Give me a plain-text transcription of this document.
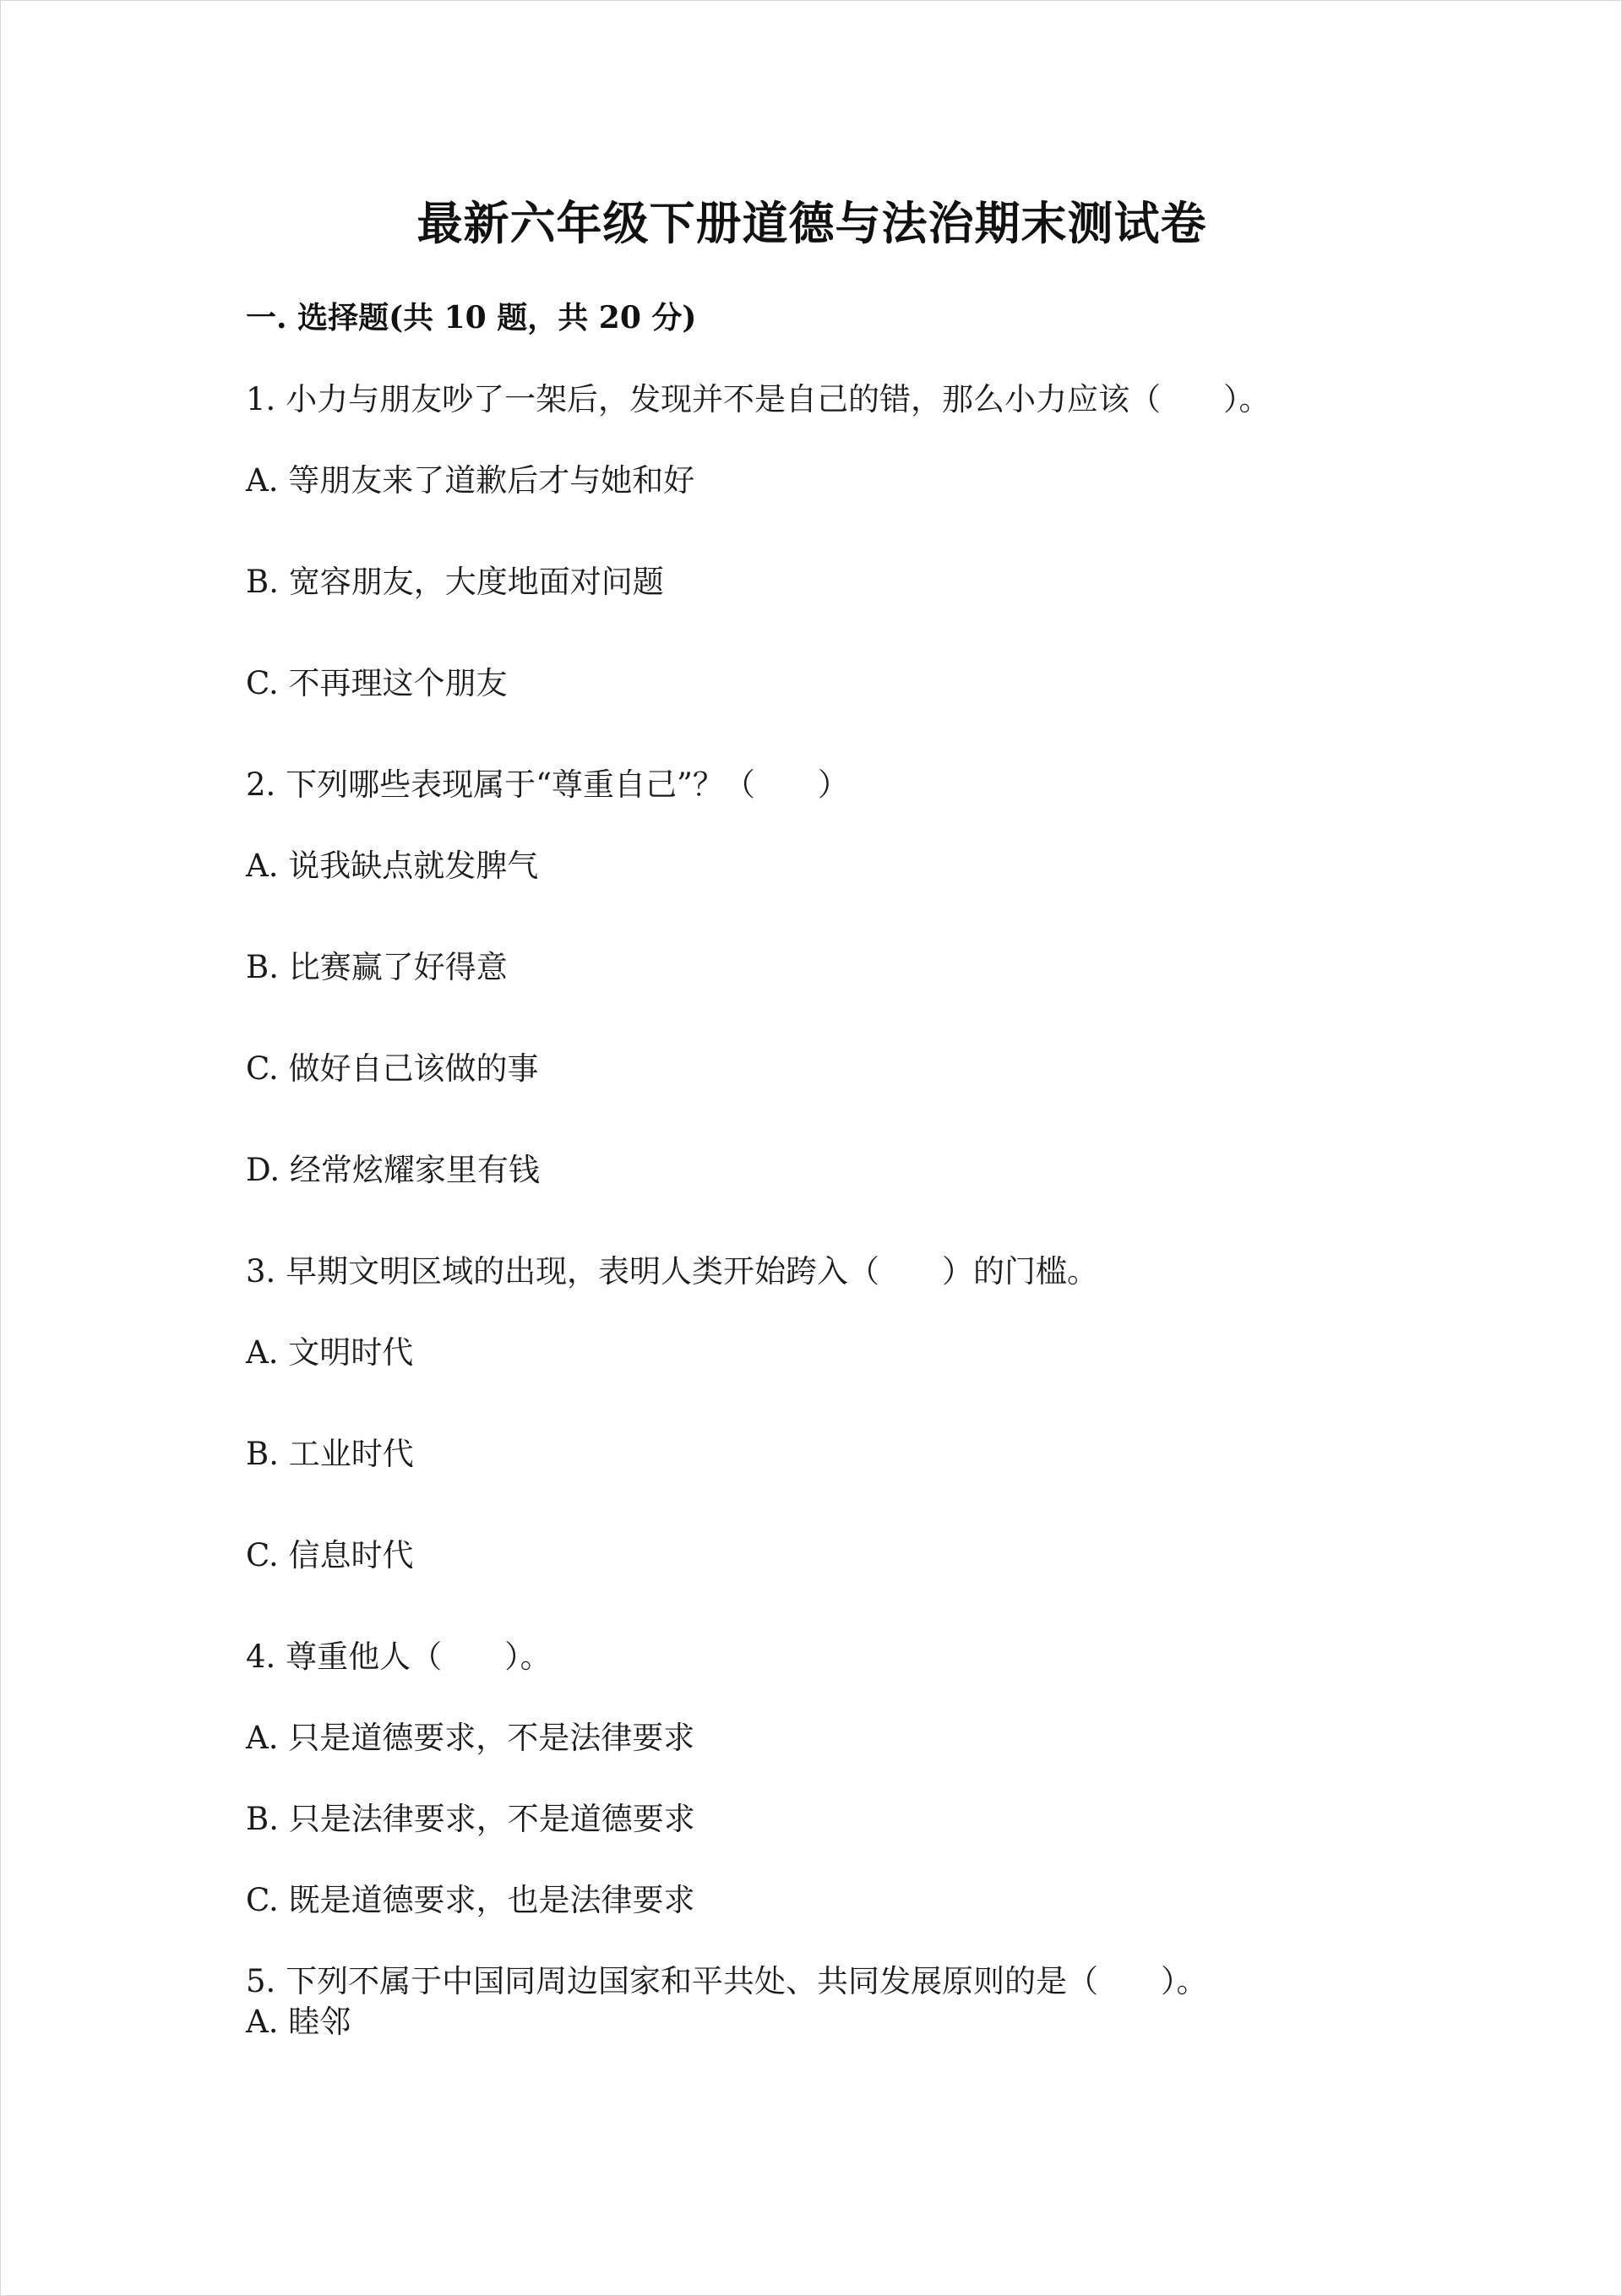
最新六年级下册道德与法治期末测试卷
一. 选择题(共 10 题，共 20 分)
1. 小力与朋友吵了一架后，发现并不是自己的错，那么小力应该（　　）。
A. 等朋友来了道歉后才与她和好
B. 宽容朋友，大度地面对问题
C. 不再理这个朋友
2. 下列哪些表现属于“尊重自己”？（　　）
A. 说我缺点就发脾气
B. 比赛赢了好得意
C. 做好自己该做的事
D. 经常炫耀家里有钱
3. 早期文明区域的出现，表明人类开始跨入（　　）的门槛。
A. 文明时代
B. 工业时代
C. 信息时代
4. 尊重他人（　　）。
A. 只是道德要求，不是法律要求
B. 只是法律要求，不是道德要求
C. 既是道德要求，也是法律要求
5. 下列不属于中国同周边国家和平共处、共同发展原则的是（　　）。
A. 睦邻
